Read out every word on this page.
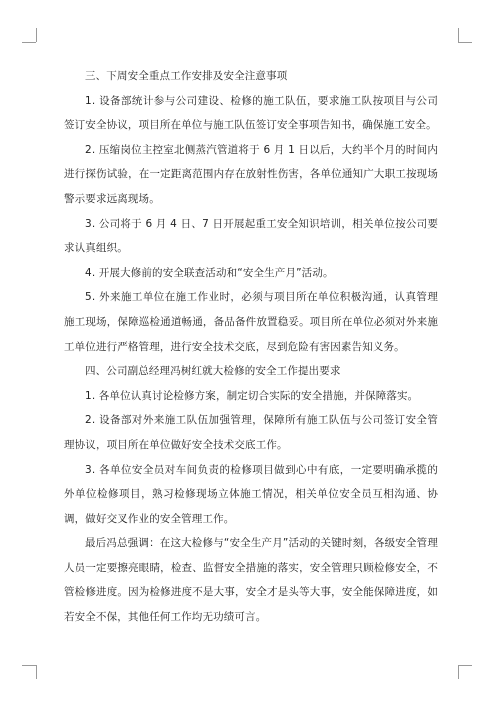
三、下周安全重点工作安排及安全注意事项

1. 设备部统计参与公司建设、检修的施工队伍，要求施工队按项目与公司签订安全协议，项目所在单位与施工队伍签订安全事项告知书，确保施工安全。

2. 压缩岗位主控室北侧蒸汽管道将于 6 月 1 日以后，大约半个月的时间内进行探伤试验，在一定距离范围内存在放射性伤害，各单位通知广大职工按现场警示要求远离现场。

3. 公司将于 6 月 4 日、7 日开展起重工安全知识培训，相关单位按公司要求认真组织。

4. 开展大修前的安全联查活动和“安全生产月”活动。

5. 外来施工单位在施工作业时，必须与项目所在单位积极沟通，认真管理施工现场，保障巡检通道畅通，备品备件放置稳妥。项目所在单位必须对外来施工单位进行严格管理，进行安全技术交底，尽到危险有害因素告知义务。

四、公司副总经理冯树红就大检修的安全工作提出要求

1. 各单位认真讨论检修方案，制定切合实际的安全措施，并保障落实。

2. 设备部对外来施工队伍加强管理，保障所有施工队伍与公司签订安全管理协议，项目所在单位做好安全技术交底工作。

3. 各单位安全员对车间负责的检修项目做到心中有底，一定要明确承揽的外单位检修项目，熟习检修现场立体施工情况，相关单位安全员互相沟通、协调，做好交叉作业的安全管理工作。

最后冯总强调：在这大检修与“安全生产月”活动的关键时刻，各级安全管理人员一定要擦亮眼睛，检查、监督安全措施的落实，安全管理只顾检修安全，不管检修进度。因为检修进度不是大事，安全才是头等大事，安全能保障进度，如若安全不保，其他任何工作均无功绩可言。
